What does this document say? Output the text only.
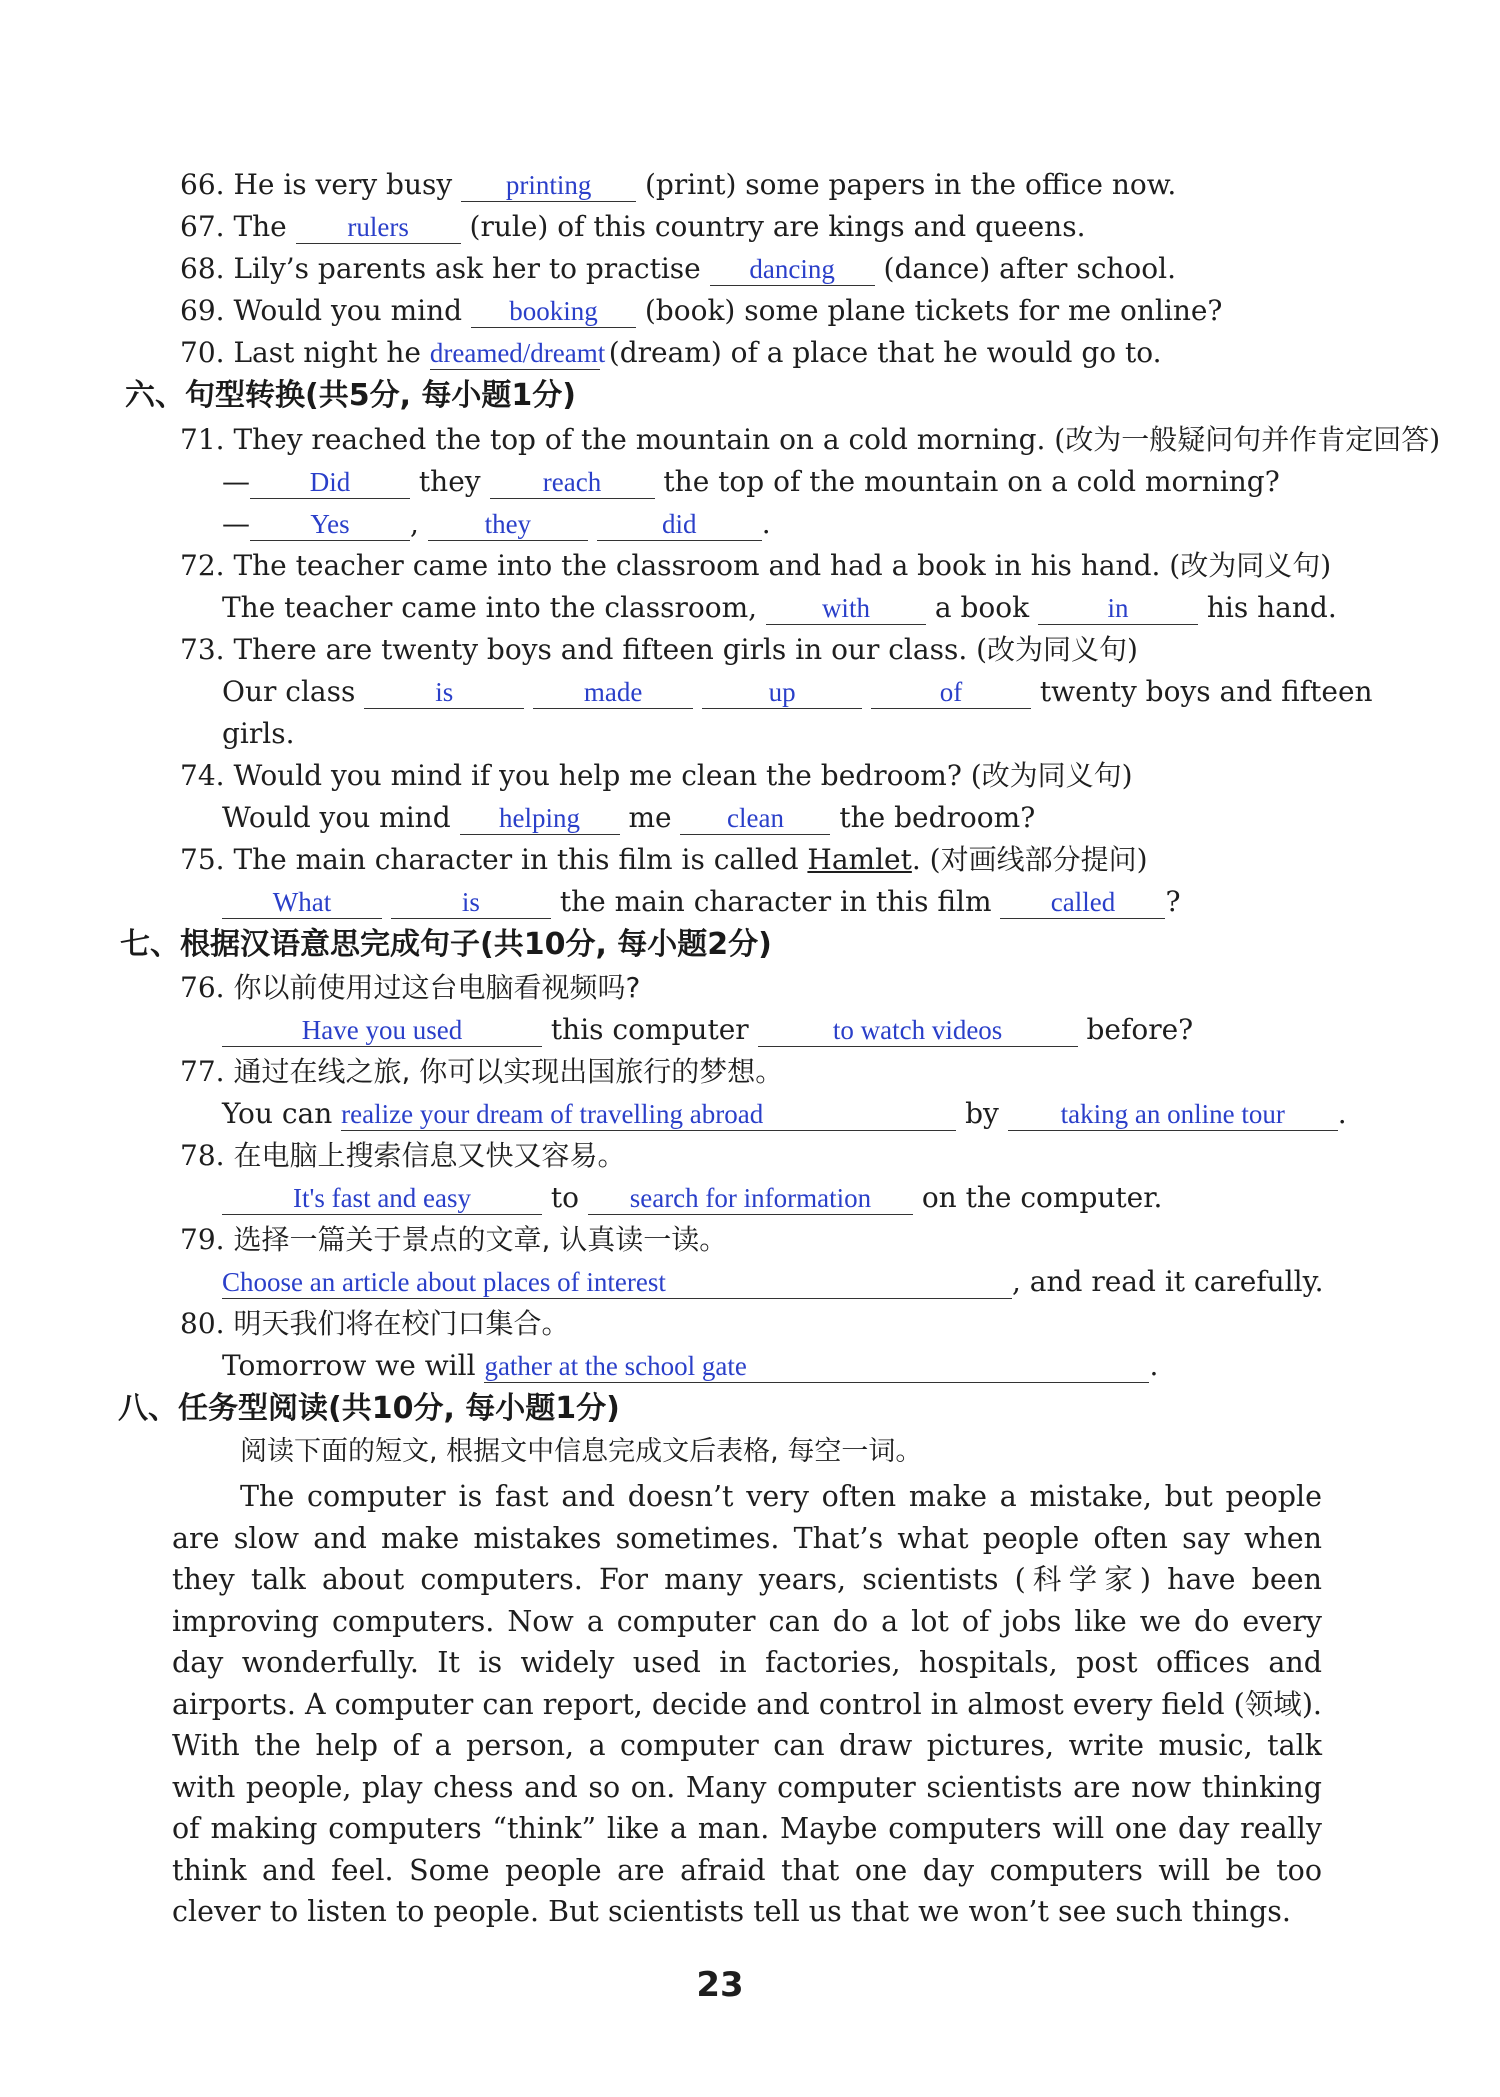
66. He is very busy printing (print) some papers in the office now.
67. The rulers (rule) of this country are kings and queens.
68. Lily’s parents ask her to practise dancing (dance) after school.
69. Would you mind booking (book) some plane tickets for me online?
70. Last night he dreamed/dreamt (dream) of a place that he would go to.
六、句型转换(共5分, 每小题1分)
71. They reached the top of the mountain on a cold morning. (改为一般疑问句并作肯定回答)
— Did they reach the top of the mountain on a cold morning?
— Yes , they	did .
72. The teacher came into the classroom and had a book in his hand. (改为同义句)
The teacher came into the classroom, with a book	in	his hand.
73. There are twenty boys and fifteen girls in our class. (改为同义句)
Our class	is	made	up	of	twenty boys and fifteen
girls.
74. Would you mind if you help me clean the bedroom? (改为同义句)
Would you mind helping me clean the bedroom?
75. The main character in this film is called Hamlet. (对画线部分提问)
What	is	the main character in this film called ?
七、根据汉语意思完成句子(共10分, 每小题2分)
76. 你以前使用过这台电脑看视频吗?
Have you used	this computer	to watch videos	before?
77. 通过在线之旅, 你可以实现出国旅行的梦想。
You can realize your dream of travelling abroad	by taking an online tour .
78. 在电脑上搜索信息又快又容易。
It's fast and easy	to search for information on the computer.
79. 选择一篇关于景点的文章, 认真读一读。
Choose an article about places of interest	, and read it carefully.
80. 明天我们将在校门口集合。
Tomorrow we will gather at the school gate	.
八、任务型阅读(共10分, 每小题1分)
阅读下面的短文, 根据文中信息完成文后表格, 每空一词。

The computer is fast and doesn’t very often make a mistake, but people are slow and make mistakes sometimes. That’s what people often say when they talk about computers. For many years, scientists (科学家) have been improving computers. Now a computer can do a lot of jobs like we do every day wonderfully. It is widely used in factories, hospitals, post offices and airports. A computer can report, decide and control in almost every field (领域). With the help of a person, a computer can draw pictures, write music, talk with people, play chess and so on. Many computer scientists are now thinking of making computers “think” like a man. Maybe computers will one day really think and feel. Some people are afraid that one day computers will be too clever to listen to people. But scientists tell us that we won’t see such things.

23
